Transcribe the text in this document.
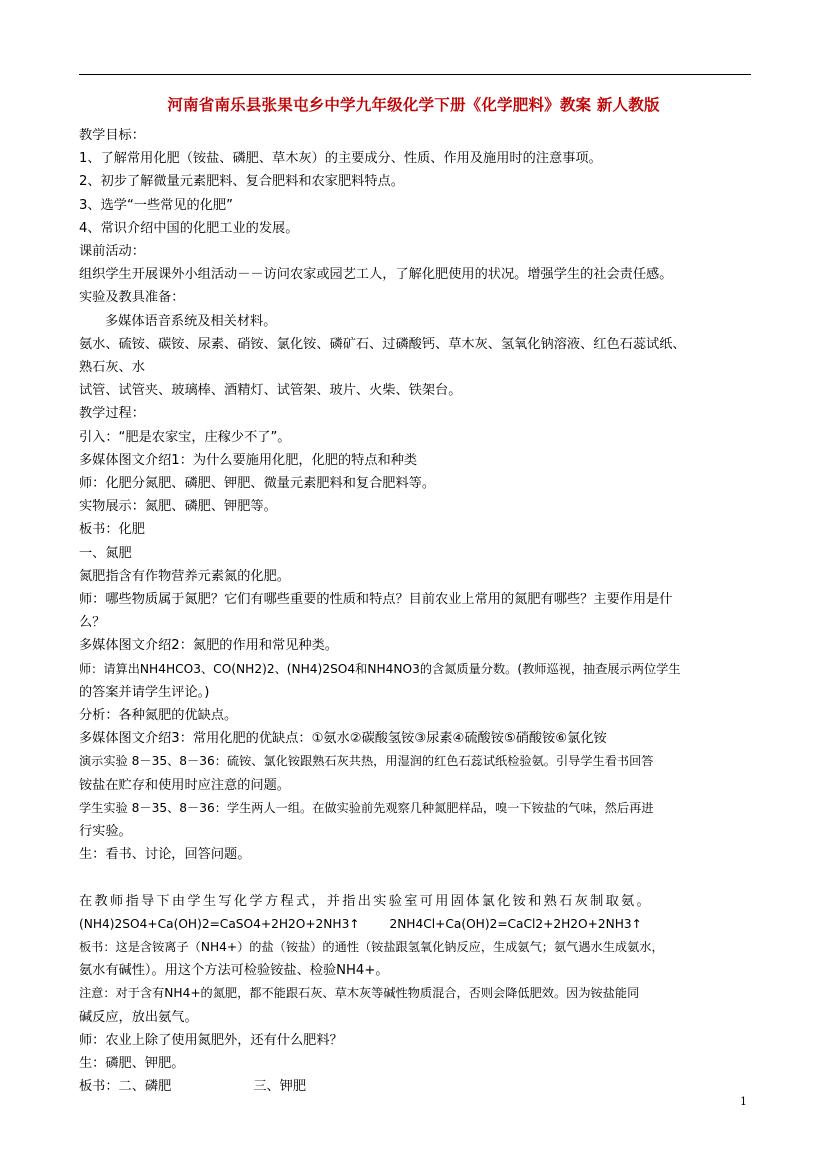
河南省南乐县张果屯乡中学九年级化学下册《化学肥料》教案 新人教版

教学目标：

1、了解常用化肥（铵盐、磷肥、草木灰）的主要成分、性质、作用及施用时的注意事项。

2、初步了解微量元素肥料、复合肥料和农家肥料特点。

3、选学“一些常见的化肥”

4、常识介绍中国的化肥工业的发展。

课前活动：

组织学生开展课外小组活动－－访问农家或园艺工人，了解化肥使用的状况。增强学生的社会责任感。

实验及教具准备：

多媒体语音系统及相关材料。

氨水、硫铵、碳铵、尿素、硝铵、氯化铵、磷矿石、过磷酸钙、草木灰、氢氧化钠溶液、红色石蕊试纸、

熟石灰、水

试管、试管夹、玻璃棒、酒精灯、试管架、玻片、火柴、铁架台。

教学过程：

引入：“肥是农家宝，庄稼少不了”。

多媒体图文介绍1：为什么要施用化肥，化肥的特点和种类

师：化肥分氮肥、磷肥、钾肥、微量元素肥料和复合肥料等。

实物展示：氮肥、磷肥、钾肥等。

板书：化肥

一、氮肥

氮肥指含有作物营养元素氮的化肥。

师：哪些物质属于氮肥？它们有哪些重要的性质和特点？目前农业上常用的氮肥有哪些？主要作用是什

么？

多媒体图文介绍2：氮肥的作用和常见种类。

师：请算出NH4HCO3、CO(NH2)2、(NH4)2SO4和NH4NO3的含氮质量分数。(教师巡视，抽查展示两位学生

的答案并请学生评论。)

分析：各种氮肥的优缺点。

多媒体图文介绍3：常用化肥的优缺点：①氨水②碳酸氢铵③尿素④硫酸铵⑤硝酸铵⑥氯化铵

演示实验 8－35、8－36：硫铵、氯化铵跟熟石灰共热，用湿润的红色石蕊试纸检验氨。引导学生看书回答

铵盐在贮存和使用时应注意的问题。

学生实验 8－35、8－36：学生两人一组。在做实验前先观察几种氮肥样品，嗅一下铵盐的气味，然后再进

行实验。

生：看书、讨论，回答问题。

在教师指导下由学生写化学方程式，并指出实验室可用固体氯化铵和熟石灰制取氨。

(NH4)2SO4+Ca(OH)2=CaSO4+2H2O+2NH3↑ 2NH4Cl+Ca(OH)2=CaCl2+2H2O+2NH3↑

板书：这是含铵离子（NH4+）的盐（铵盐）的通性（铵盐跟氢氧化钠反应，生成氨气；氨气遇水生成氨水，

氨水有碱性）。用这个方法可检验铵盐、检验NH4+。

注意：对于含有NH4+的氮肥，都不能跟石灰、草木灰等碱性物质混合，否则会降低肥效。因为铵盐能同

碱反应，放出氨气。

师：农业上除了使用氮肥外，还有什么肥料？

生：磷肥、钾肥。

板书：二、磷肥	三、钾肥

1
